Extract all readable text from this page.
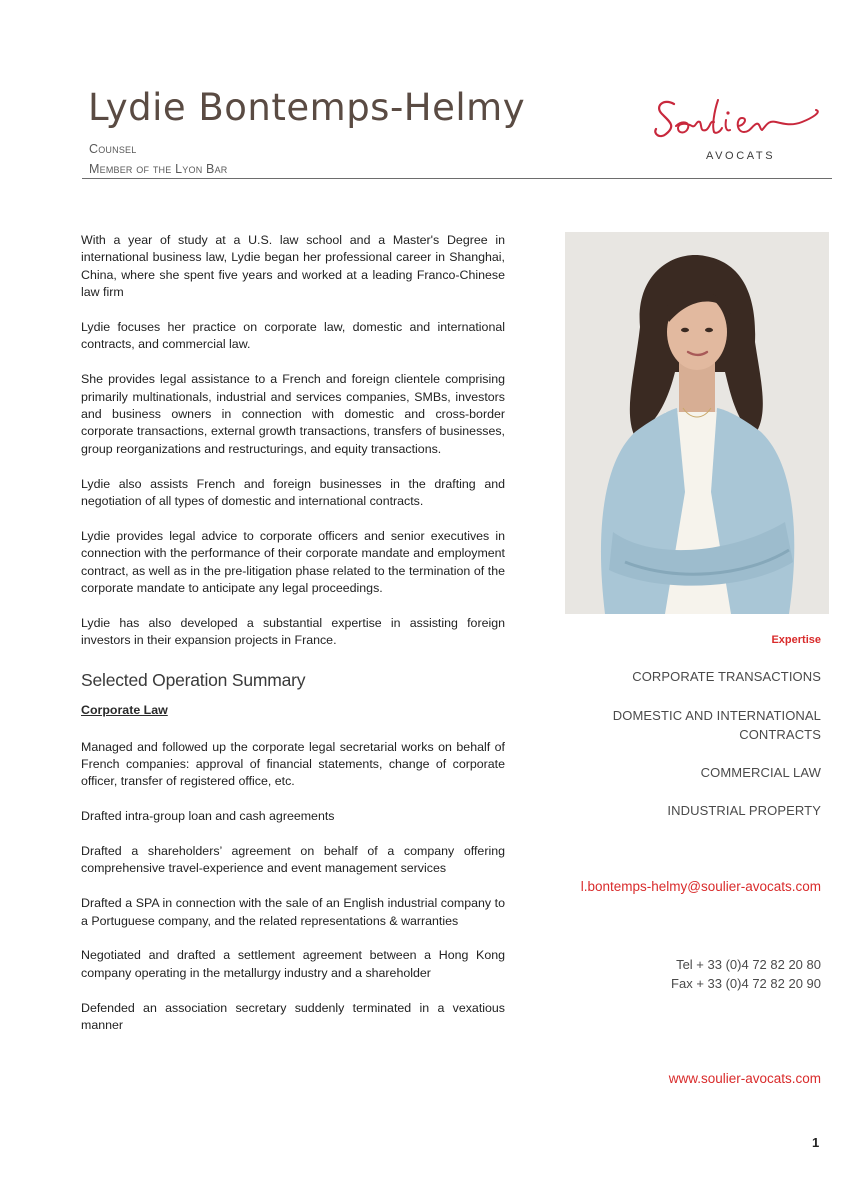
Lydie Bontemps-Helmy
Counsel
Member of the Lyon Bar
AVOCATS

With a year of study at a U.S. law school and a Master's Degree in international business law, Lydie began her professional career in Shanghai, China, where she spent five years and worked at a leading Franco-Chinese law firm

Lydie focuses her practice on corporate law, domestic and international contracts, and commercial law.

She provides legal assistance to a French and foreign clientele comprising primarily multinationals, industrial and services companies, SMBs, investors and business owners in connection with domestic and cross-border corporate transactions, external growth transactions, transfers of businesses, group reorganizations and restructurings, and equity transactions.

Lydie also assists French and foreign businesses in the drafting and negotiation of all types of domestic and international contracts.

Lydie provides legal advice to corporate officers and senior executives in connection with the performance of their corporate mandate and employment contract, as well as in the pre-litigation phase related to the termination of the corporate mandate to anticipate any legal proceedings.

Lydie has also developed a substantial expertise in assisting foreign investors in their expansion projects in France.

Selected Operation Summary
Corporate Law

Managed and followed up the corporate legal secretarial works on behalf of French companies: approval of financial statements, change of corporate officer, transfer of registered office, etc.

Drafted intra-group loan and cash agreements

Drafted a shareholders’ agreement on behalf of a company offering comprehensive travel-experience and event management services

Drafted a SPA in connection with the sale of an English industrial company to a Portuguese company, and the related representations & warranties

Negotiated and drafted a settlement agreement between a Hong Kong company operating in the metallurgy industry and a shareholder

Defended an association secretary suddenly terminated in a vexatious manner

Expertise
CORPORATE TRANSACTIONS
DOMESTIC AND INTERNATIONAL CONTRACTS
COMMERCIAL LAW
INDUSTRIAL PROPERTY
l.bontemps-helmy@soulier-avocats.com
Tel + 33 (0)4 72 82 20 80
Fax + 33 (0)4 72 82 20 90
www.soulier-avocats.com
1
